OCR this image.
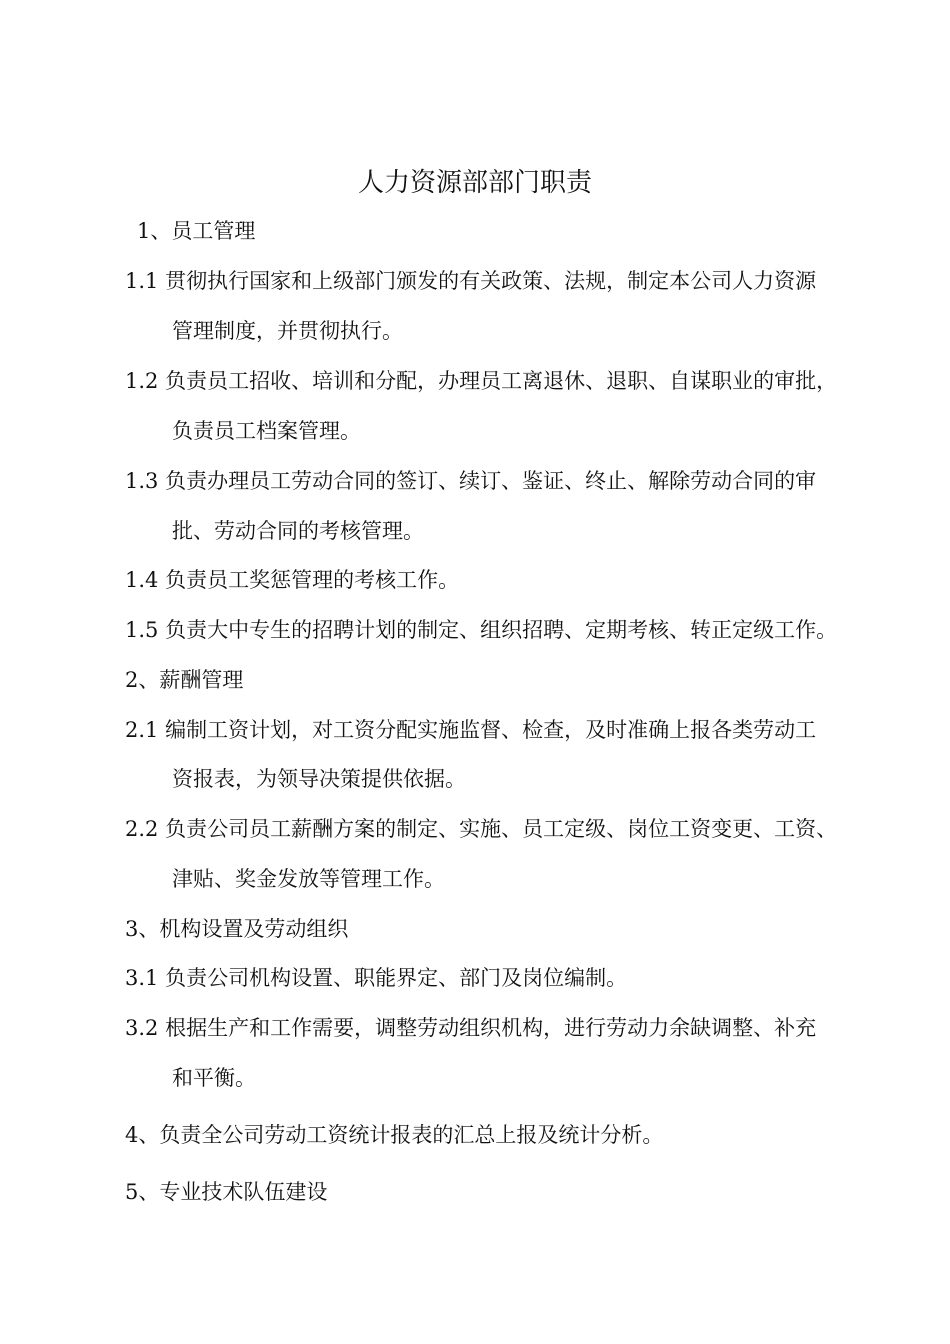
人力资源部部门职责
1、员工管理
1.1 贯彻执行国家和上级部门颁发的有关政策、法规，制定本公司人力资源
管理制度，并贯彻执行。
1.2 负责员工招收、培训和分配，办理员工离退休、退职、自谋职业的审批，
负责员工档案管理。
1.3 负责办理员工劳动合同的签订、续订、鉴证、终止、解除劳动合同的审
批、劳动合同的考核管理。
1.4 负责员工奖惩管理的考核工作。
1.5 负责大中专生的招聘计划的制定、组织招聘、定期考核、转正定级工作。
2、薪酬管理
2.1 编制工资计划，对工资分配实施监督、检查，及时准确上报各类劳动工
资报表，为领导决策提供依据。
2.2 负责公司员工薪酬方案的制定、实施、员工定级、岗位工资变更、工资、
津贴、奖金发放等管理工作。
3、机构设置及劳动组织
3.1 负责公司机构设置、职能界定、部门及岗位编制。
3.2 根据生产和工作需要，调整劳动组织机构，进行劳动力余缺调整、补充
和平衡。
4、负责全公司劳动工资统计报表的汇总上报及统计分析。
5、专业技术队伍建设
